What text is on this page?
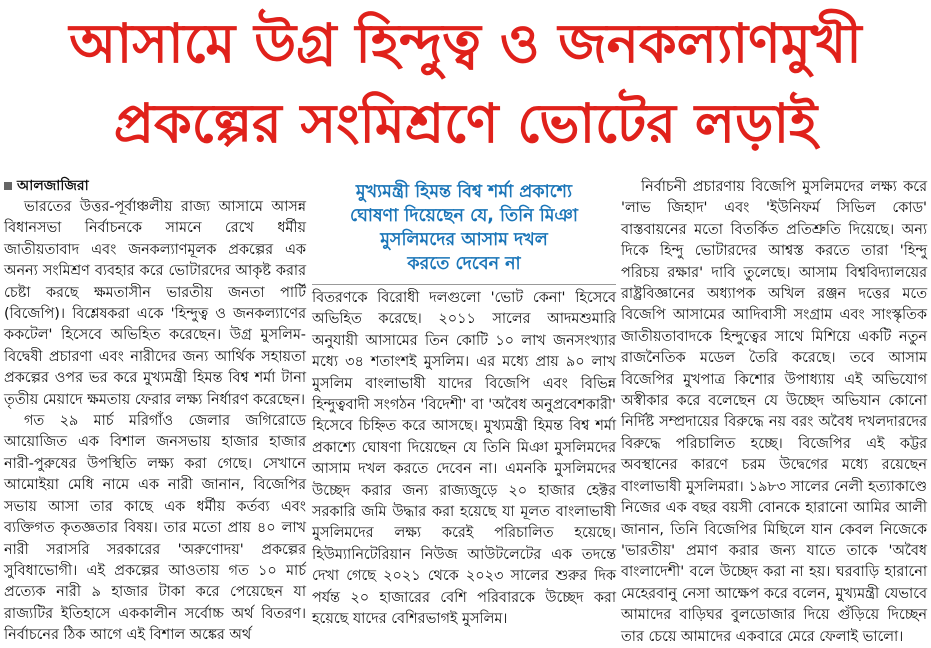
আসামে উগ্র হিন্দুত্ব ও জনকল্যাণমুখী
প্রকল্পের সংমিশ্রণে ভোটের লড়াই
আলজাজিরা

ভারতের উত্তর-পূর্বাঞ্চলীয় রাজ্য আসামে আসন্ন বিধানসভা নির্বাচনকে সামনে রেখে ধর্মীয় জাতীয়তাবাদ এবং জনকল্যাণমূলক প্রকল্পের এক অনন্য সংমিশ্রণ ব্যবহার করে ভোটারদের আকৃষ্ট করার চেষ্টা করছে ক্ষমতাসীন ভারতীয় জনতা পার্টি (বিজেপি)। বিশ্লেষকরা একে 'হিন্দুত্ব ও জনকল্যাণের ককটেল' হিসেবে অভিহিত করেছেন। উগ্র মুসলিম-বিদ্বেষী প্রচারণা এবং নারীদের জন্য আর্থিক সহায়তা প্রকল্পের ওপর ভর করে মুখ্যমন্ত্রী হিমন্ত বিশ্ব শর্মা টানা তৃতীয় মেয়াদে ক্ষমতায় ফেরার লক্ষ্য নির্ধারণ করেছেন।

গত ২৯ মার্চ মরিগাঁও জেলার জগিরোডে আয়োজিত এক বিশাল জনসভায় হাজার হাজার নারী-পুরুষের উপস্থিতি লক্ষ্য করা গেছে। সেখানে আমোইয়া মেধি নামে এক নারী জানান, বিজেপির সভায় আসা তার কাছে এক ধর্মীয় কর্তব্য এবং ব্যক্তিগত কৃতজ্ঞতার বিষয়। তার মতো প্রায় ৪০ লাখ নারী সরাসরি সরকারের 'অরুণোদয়' প্রকল্পের সুবিধাভোগী। এই প্রকল্পের আওতায় গত ১০ মার্চ প্রত্যেক নারী ৯ হাজার টাকা করে পেয়েছেন যা রাজ্যটির ইতিহাসে এককালীন সর্বোচ্চ অর্থ বিতরণ। নির্বাচনের ঠিক আগে এই বিশাল অঙ্কের অর্থ

মুখ্যমন্ত্রী হিমন্ত বিশ্ব শর্মা প্রকাশ্যে
ঘোষণা দিয়েছেন যে, তিনি মিঞা
মুসলিমদের আসাম দখল
করতে দেবেন না

বিতরণকে বিরোধী দলগুলো 'ভোট কেনা' হিসেবে অভিহিত করেছে। ২০১১ সালের আদমশুমারি অনুযায়ী আসামের তিন কোটি ১০ লাখ জনসংখ্যার মধ্যে ৩৪ শতাংশই মুসলিম। এর মধ্যে প্রায় ৯০ লাখ মুসলিম বাংলাভাষী যাদের বিজেপি এবং বিভিন্ন হিন্দুত্ববাদী সংগঠন 'বিদেশী' বা 'অবৈধ অনুপ্রবেশকারী' হিসেবে চিহ্নিত করে আসছে। মুখ্যমন্ত্রী হিমন্ত বিশ্ব শর্মা প্রকাশ্যে ঘোষণা দিয়েছেন যে তিনি মিঞা মুসলিমদের আসাম দখল করতে দেবেন না। এমনকি মুসলিমদের উচ্ছেদ করার জন্য রাজ্যজুড়ে ২০ হাজার হেক্টর সরকারি জমি উদ্ধার করা হয়েছে যা মূলত বাংলাভাষী মুসলিমদের লক্ষ্য করেই পরিচালিত হয়েছে। হিউম্যানিটেরিয়ান নিউজ আউটলেটের এক তদন্তে দেখা গেছে ২০২১ থেকে ২০২৩ সালের শুরুর দিক পর্যন্ত ২০ হাজারের বেশি পরিবারকে উচ্ছেদ করা হয়েছে যাদের বেশিরভাগই মুসলিম।

নির্বাচনী প্রচারণায় বিজেপি মুসলিমদের লক্ষ্য করে 'লাভ জিহাদ' এবং 'ইউনিফর্ম সিভিল কোড' বাস্তবায়নের মতো বিতর্কিত প্রতিশ্রুতি দিয়েছে। অন্য দিকে হিন্দু ভোটারদের আশ্বস্ত করতে তারা 'হিন্দু পরিচয় রক্ষার' দাবি তুলেছে। আসাম বিশ্ববিদ্যালয়ের রাষ্ট্রবিজ্ঞানের অধ্যাপক অখিল রঞ্জন দত্তের মতে বিজেপি আসামের আদিবাসী সংগ্রাম এবং সাংস্কৃতিক জাতীয়তাবাদকে হিন্দুত্বের সাথে মিশিয়ে একটি নতুন রাজনৈতিক মডেল তৈরি করেছে। তবে আসাম বিজেপির মুখপাত্র কিশোর উপাধ্যায় এই অভিযোগ অস্বীকার করে বলেছেন যে উচ্ছেদ অভিযান কোনো নির্দিষ্ট সম্প্রদায়ের বিরুদ্ধে নয় বরং অবৈধ দখলদারদের বিরুদ্ধে পরিচালিত হচ্ছে। বিজেপির এই কট্টর অবস্থানের কারণে চরম উদ্বেগের মধ্যে রয়েছেন বাংলাভাষী মুসলিমরা। ১৯৮৩ সালের নেলী হত্যাকাণ্ডে নিজের এক বছর বয়সী বোনকে হারানো আমির আলী জানান, তিনি বিজেপির মিছিলে যান কেবল নিজেকে 'ভারতীয়' প্রমাণ করার জন্য যাতে তাকে 'অবৈধ বাংলাদেশী' বলে উচ্ছেদ করা না হয়। ঘরবাড়ি হারানো মেহেরবানু নেসা আক্ষেপ করে বলেন, মুখ্যমন্ত্রী যেভাবে আমাদের বাড়িঘর বুলডোজার দিয়ে গুঁড়িয়ে দিচ্ছেন তার চেয়ে আমাদের একবারে মেরে ফেলাই ভালো।
